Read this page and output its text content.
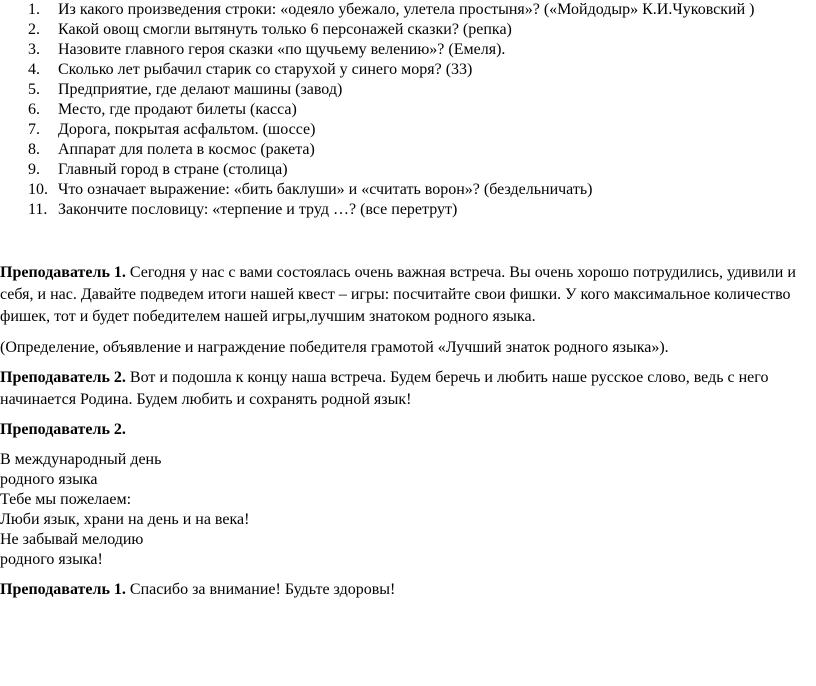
1. Из какого произведения строки: «одеяло убежало, улетела простыня»? («Мойдодыр» К.И.Чуковский )
2. Какой овощ смогли вытянуть только 6 персонажей сказки? (репка)
3. Назовите главного героя сказки «по щучьему велению»? (Емеля).
4. Сколько лет рыбачил старик со старухой у синего моря? (33)
5. Предприятие, где делают машины (завод)
6. Место, где продают билеты (касса)
7. Дорога, покрытая асфальтом. (шоссе)
8. Аппарат для полета в космос (ракета)
9. Главный город в стране (столица)
10. Что означает выражение: «бить баклуши» и «считать ворон»? (бездельничать)
11. Закончите пословицу: «терпение и труд …? (все перетрут)

Преподаватель 1. Сегодня у нас с вами состоялась очень важная встреча. Вы очень хорошо потрудились, удивили и себя, и нас. Давайте подведем итоги нашей квест – игры: посчитайте свои фишки. У кого максимальное количество фишек, тот и будет победителем нашей игры,лучшим знатоком родного языка.

(Определение, объявление и награждение победителя грамотой «Лучший знаток родного языка»).

Преподаватель 2. Вот и подошла к концу наша встреча. Будем беречь и любить наше русское слово, ведь с него начинается Родина. Будем любить и сохранять родной язык!

Преподаватель 2.

В международный день
родного языка
Тебе мы пожелаем:
Люби язык, храни на день и на века!
Не забывай мелодию
родного языка!

Преподаватель 1. Спасибо за внимание! Будьте здоровы!
